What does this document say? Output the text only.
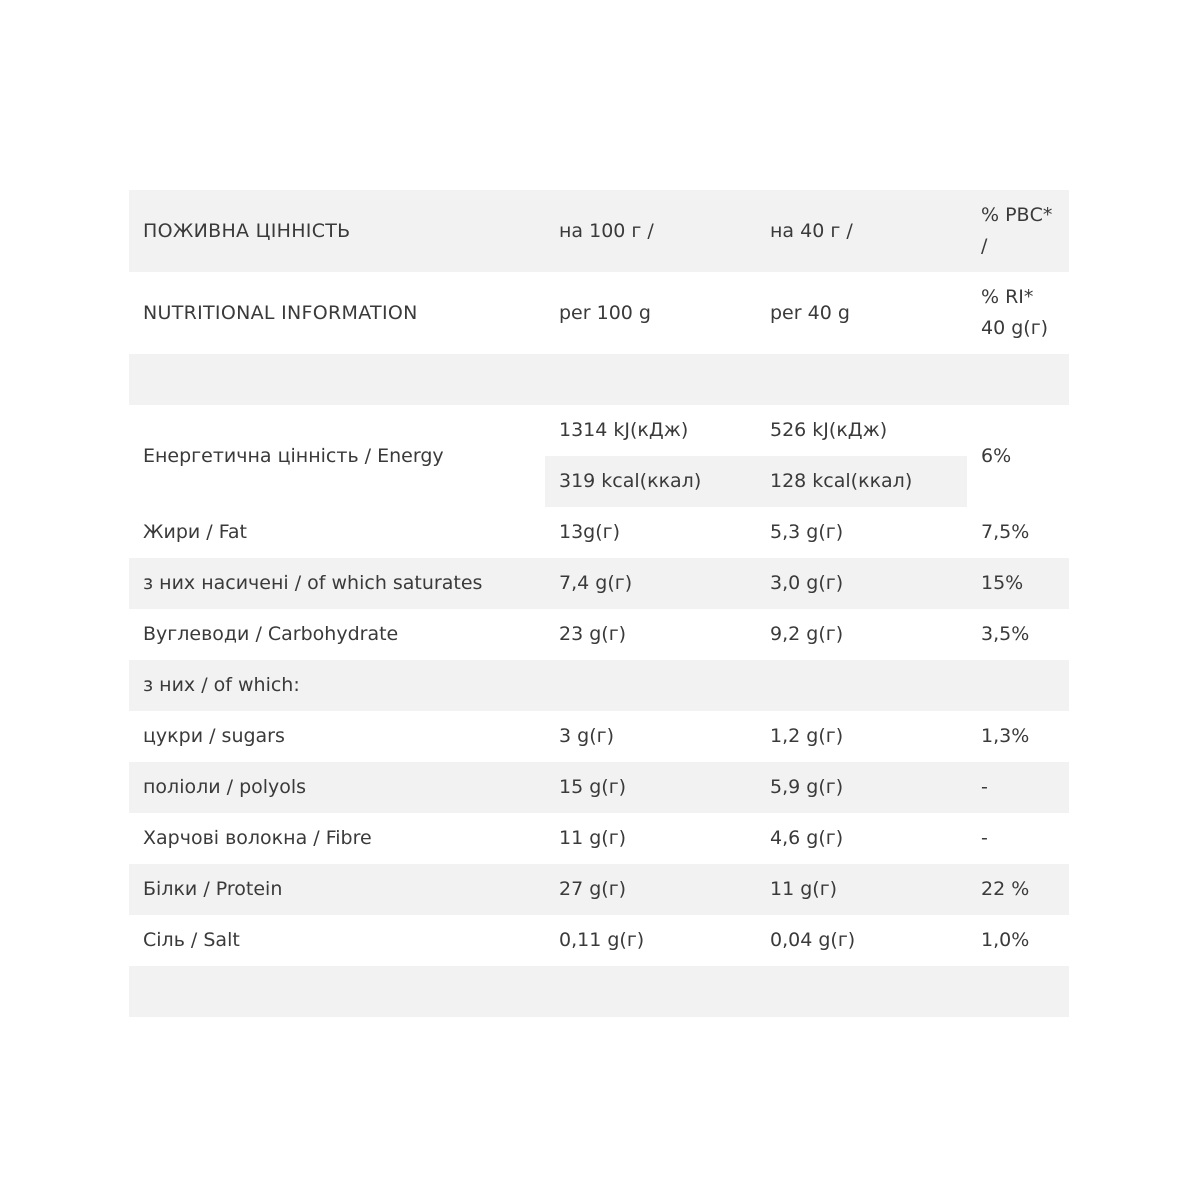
ПОЖИВНА ЦІННІСТЬ	на 100 г /	на 40 г /	% РВС* /
NUTRITIONAL INFORMATION	per 100 g	per 40 g	% RI* 40 g(г)

Енергетична цінність / Energy	1314 kJ(кДж)	526 kJ(кДж)	6%
	319 kcal(ккал)	128 kcal(ккал)	
Жири / Fat	13g(г)	5,3 g(г)	7,5%
з них насичені / of which saturates	7,4 g(г)	3,0 g(г)	15%
Вуглеводи / Carbohydrate	23 g(г)	9,2 g(г)	3,5%
з них / of which:			
цукри / sugars	3 g(г)	1,2 g(г)	1,3%
поліоли / polyols	15 g(г)	5,9 g(г)	-
Харчові волокна / Fibre	11 g(г)	4,6 g(г)	-
Білки / Protein	27 g(г)	11 g(г)	22 %
Сіль / Salt	0,11 g(г)	0,04 g(г)	1,0%
